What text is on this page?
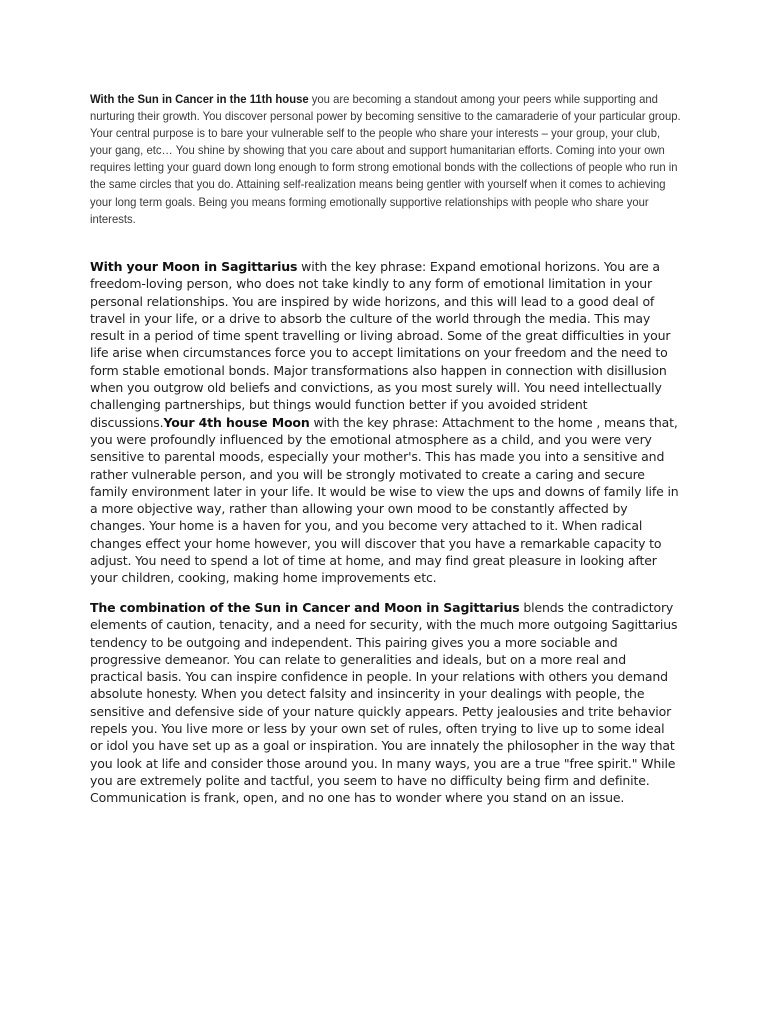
With the Sun in Cancer in the 11th house you are becoming a standout among your peers while supporting and nurturing their growth. You discover personal power by becoming sensitive to the camaraderie of your particular group. Your central purpose is to bare your vulnerable self to the people who share your interests – your group, your club, your gang, etc… You shine by showing that you care about and support humanitarian efforts. Coming into your own requires letting your guard down long enough to form strong emotional bonds with the collections of people who run in the same circles that you do. Attaining self-realization means being gentler with yourself when it comes to achieving your long term goals. Being you means forming emotionally supportive relationships with people who share your interests.

With your Moon in Sagittarius with the key phrase: Expand emotional horizons. You are a freedom-loving person, who does not take kindly to any form of emotional limitation in your personal relationships. You are inspired by wide horizons, and this will lead to a good deal of travel in your life, or a drive to absorb the culture of the world through the media. This may result in a period of time spent travelling or living abroad. Some of the great difficulties in your life arise when circumstances force you to accept limitations on your freedom and the need to form stable emotional bonds. Major transformations also happen in connection with disillusion when you outgrow old beliefs and convictions, as you most surely will. You need intellectually challenging partnerships, but things would function better if you avoided strident discussions.Your 4th house Moon with the key phrase: Attachment to the home , means that, you were profoundly influenced by the emotional atmosphere as a child, and you were very sensitive to parental moods, especially your mother's. This has made you into a sensitive and rather vulnerable person, and you will be strongly motivated to create a caring and secure family environment later in your life. It would be wise to view the ups and downs of family life in a more objective way, rather than allowing your own mood to be constantly affected by changes. Your home is a haven for you, and you become very attached to it. When radical changes effect your home however, you will discover that you have a remarkable capacity to adjust. You need to spend a lot of time at home, and may find great pleasure in looking after your children, cooking, making home improvements etc.

The combination of the Sun in Cancer and Moon in Sagittarius blends the contradictory elements of caution, tenacity, and a need for security, with the much more outgoing Sagittarius tendency to be outgoing and independent. This pairing gives you a more sociable and progressive demeanor. You can relate to generalities and ideals, but on a more real and practical basis. You can inspire confidence in people. In your relations with others you demand absolute honesty. When you detect falsity and insincerity in your dealings with people, the sensitive and defensive side of your nature quickly appears. Petty jealousies and trite behavior repels you. You live more or less by your own set of rules, often trying to live up to some ideal or idol you have set up as a goal or inspiration. You are innately the philosopher in the way that you look at life and consider those around you. In many ways, you are a true "free spirit." While you are extremely polite and tactful, you seem to have no difficulty being firm and definite. Communication is frank, open, and no one has to wonder where you stand on an issue.
